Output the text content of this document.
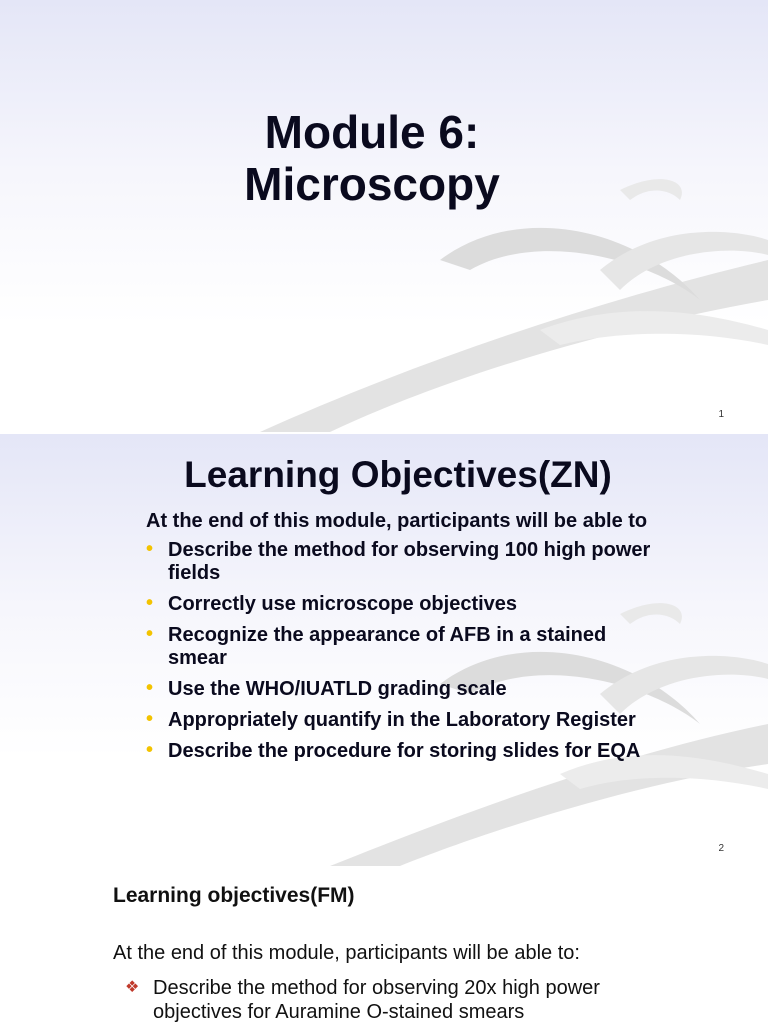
Module 6:
Microscopy
1
Learning Objectives(ZN)
At the end of this module, participants will be able to
• Describe the method for observing 100 high power fields
• Correctly use microscope objectives
• Recognize the appearance of AFB in a stained smear
• Use the WHO/IUATLD grading scale
• Appropriately quantify in the Laboratory Register
• Describe the procedure for storing slides for EQA
2
Learning objectives(FM)
At the end of this module, participants will be able to:
❖ Describe the method for observing 20x high power objectives for Auramine O-stained smears
